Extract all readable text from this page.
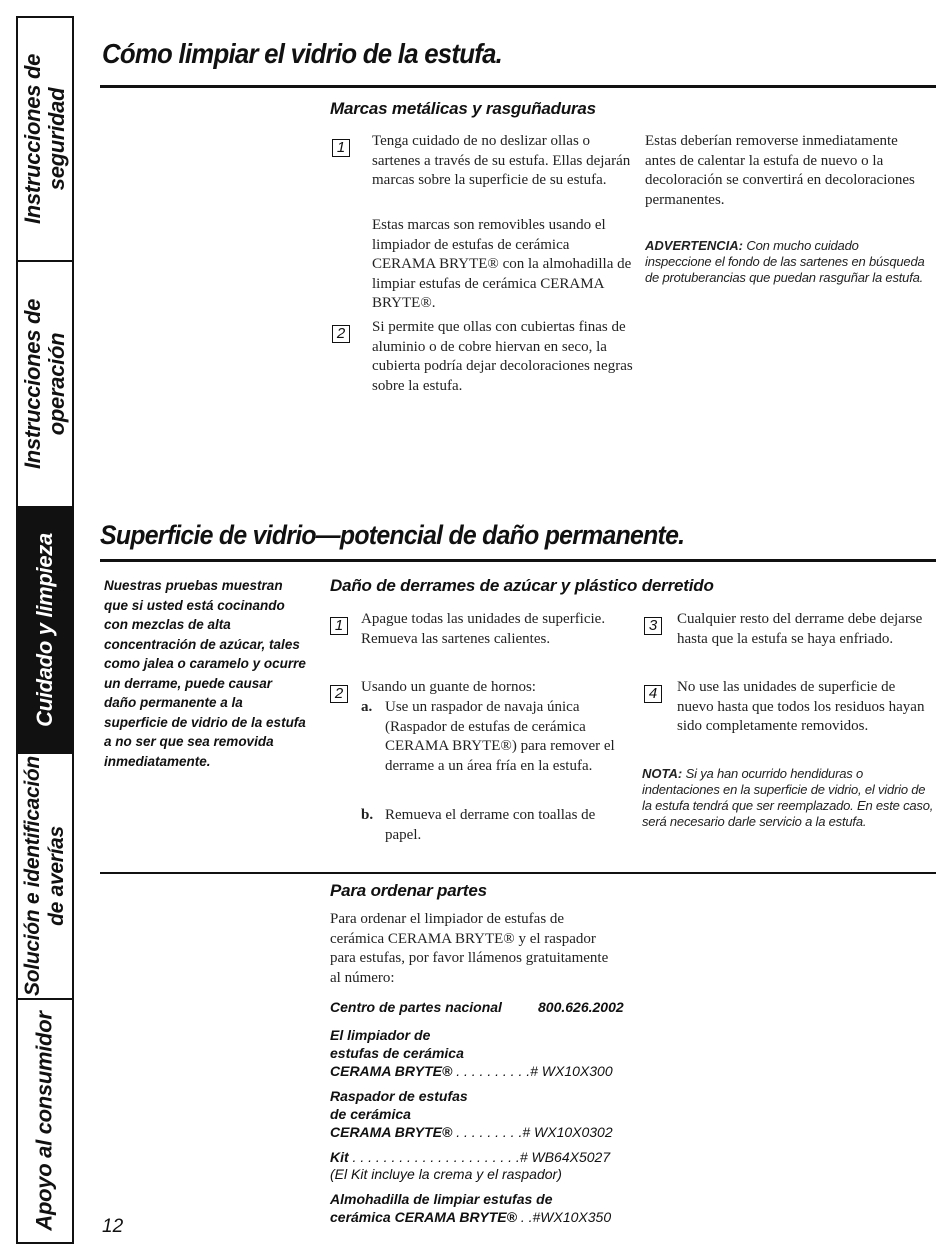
Instrucciones de seguridad
Instrucciones de operación
Cuidado y limpieza
Solución e identificación de averías
Apoyo al consumidor
Cómo limpiar el vidrio de la estufa.
Marcas metálicas y rasguñaduras
1	Tenga cuidado de no deslizar ollas o sartenes a través de su estufa. Ellas dejarán marcas sobre la superficie de su estufa.

Estas marcas son removibles usando el limpiador de estufas de cerámica CERAMA BRYTE® con la almohadilla de limpiar estufas de cerámica CERAMA BRYTE®.

2	Si permite que ollas con cubiertas finas de aluminio o de cobre hiervan en seco, la cubierta podría dejar decoloraciones negras sobre la estufa.

Estas deberían removerse inmediatamente antes de calentar la estufa de nuevo o la decoloración se convertirá en decoloraciones permanentes.

ADVERTENCIA: Con mucho cuidado inspeccione el fondo de las sartenes en búsqueda de protuberancias que puedan rasguñar la estufa.

Superficie de vidrio—potencial de daño permanente.

Nuestras pruebas muestran que si usted está cocinando con mezclas de alta concentración de azúcar, tales como jalea o caramelo y ocurre un derrame, puede causar daño permanente a la superficie de vidrio de la estufa a no ser que sea removida inmediatamente.

Daño de derrames de azúcar y plástico derretido
1	Apague todas las unidades de superficie. Remueva las sartenes calientes.

2	Usando un guante de hornos:

a. Use un raspador de navaja única (Raspador de estufas de cerámica CERAMA BRYTE®) para remover el derrame a un área fría en la estufa.

b. Remueva el derrame con toallas de papel.

3	Cualquier resto del derrame debe dejarse hasta que la estufa se haya enfriado.

4	No use las unidades de superficie de nuevo hasta que todos los residuos hayan sido completamente removidos.

NOTA: Si ya han ocurrido hendiduras o indentaciones en la superficie de vidrio, el vidrio de la estufa tendrá que ser reemplazado. En este caso, será necesario darle servicio a la estufa.

Para ordenar partes

Para ordenar el limpiador de estufas de cerámica CERAMA BRYTE® y el raspador para estufas, por favor llámenos gratuitamente al número:

Centro de partes nacional	800.626.2002

El limpiador de

estufas de cerámica

CERAMA BRYTE® . . . . . . . . . .# WX10X300

Raspador de estufas

de cerámica

CERAMA BRYTE® . . . . . . . . .# WX10X0302

Kit . . . . . . . . . . . . . . . . . . . . . .# WB64X5027

(El Kit incluye la crema y el raspador)

Almohadilla de limpiar estufas de

cerámica CERAMA BRYTE® . .#WX10X350

12
